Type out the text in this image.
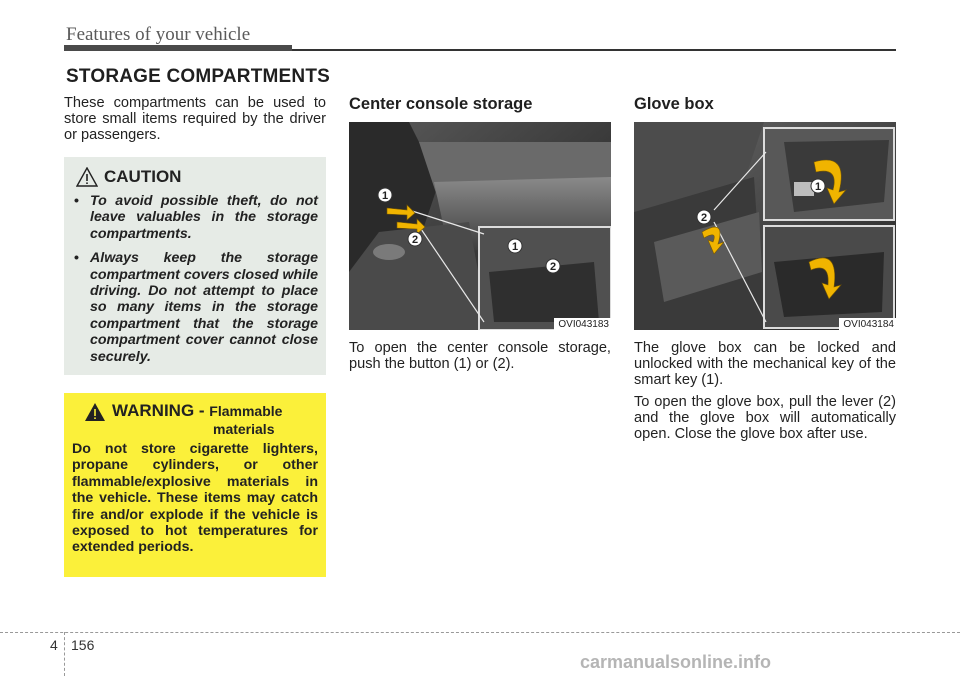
Features of your vehicle
STORAGE COMPARTMENTS

These compartments can be used to store small items required by the driver or passengers.

CAUTION
• To avoid possible theft, do not leave valuables in the storage compartments.
• Always keep the storage compartment covers closed while driving. Do not attempt to place so many items in the storage compartment that the storage compartment cover cannot close securely.
WARNING - Flammable
materials

Do not store cigarette lighters, propane cylinders, or other flammable/explosive materials in the vehicle. These items may catch fire and/or explode if the vehicle is exposed to hot temperatures for extended periods.

Center console storage
1
2
1
2
OVI043183

To open the center console storage, push the button (1) or (2).

Glove box
2
1
OVI043184

The glove box can be locked and unlocked with the mechanical key of the smart key (1).

To open the glove box, pull the lever (2) and the glove box will automatically open. Close the glove box after use.

4 156
carmanualsonline.info
